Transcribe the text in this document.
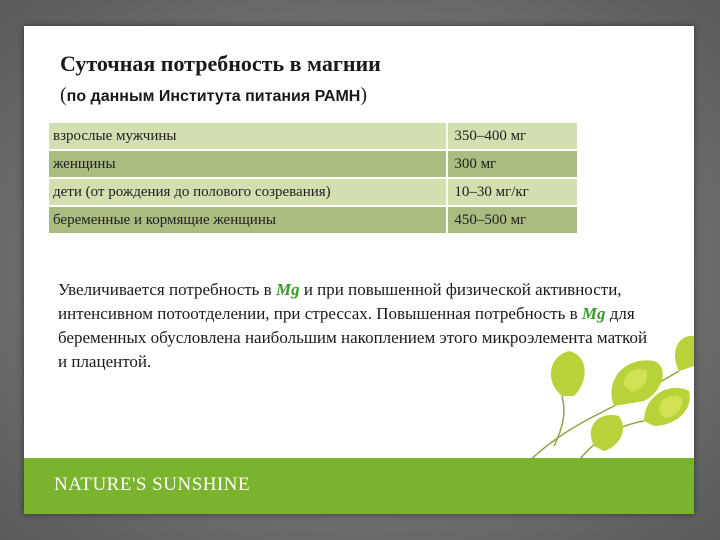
Суточная потребность в магнии
(по данным Института питания РАМН)
взрослые мужчины	350–400 мг
женщины	300 мг
дети (от рождения до полового созревания)	10–30 мг/кг
беременные и кормящие женщины	450–500 мг
Увеличивается потребность в Mg и при повышенной физической активности, интенсивном потоотделении, при стрессах. Повышенная потребность в Mg для беременных обусловлена наибольшим накоплением этого микроэлемента маткой и плацентой.
NATURE'S SUNSHINE
